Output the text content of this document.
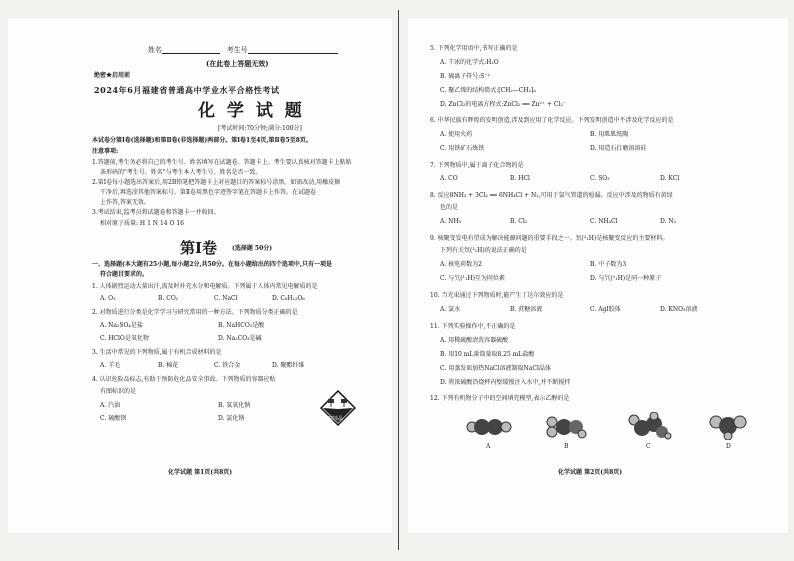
姓名	考生号
(在此卷上答题无效)
绝密★启用前
2024年6月福建省普通高中学业水平合格性考试
化 学 试 题
[考试时间:70分钟;满分:100分]
本试卷分第Ⅰ卷(选择题)和第Ⅱ卷(非选择题)两部分。第Ⅰ卷1至4页,第Ⅱ卷5至8页。
注意事项:
1.答题前,考生务必将自己的考生号、姓名填写在试题卷、答题卡上。考生要认真核对答题卡上粘贴
条形码的"考生号、姓名"与考生本人考生号、姓名是否一致。
2.第Ⅰ卷每小题选出答案后,用2B铅笔把答题卡上对应题目的答案标号涂黑。如需改动,用橡皮擦
干净后,再选涂其他答案标号。第Ⅱ卷用黑色字迹签字笔在答题卡上作答。在试题卷
上作答,答案无效。
3.考试结束,监考员将试题卷和答题卡一并收回。
相对原子质量: H 1 N 14 O 16
第Ⅰ卷 (选择题 50分)
一、选择题(本大题有25小题,每小题2分,共50分。在每小题给出的四个选项中,只有一项是
符合题目要求的。
1. 人体剧烈运动大量出汗,需及时补充水分和电解质。下列属于人体内常见电解质的是
A. O₂	B. CO₂	C. NaCl	D. C₆H₁₂O₆
2. 对物质进行分类是化学学习与研究常用的一种方法。下列物质分类正确的是
A. Na₂SO₄是盐	B. NaHCO₃是酸
C. HClO是氧化物	D. Na₂CO₃是碱
3. 生活中常见的下列物质,属于有机合成材料的是
A. 羊毛	B. 棉花	C. 铁合金	D. 聚酯纤维
4. 认识危险品标志,有助于预防危化品安全事故。下列物质的容器应贴
有图标识的是
A. 汽油	B. 氢氧化钠
C. 硫酸钡	D. 氯化钠	腐蚀品
化学试题 第1页(共8页)
5. 下列化学用语中,书写正确的是
A. 干冰的化学式:H₂O
B. 硫离子符号:S⁻²
C. 聚乙烯的结构简式:[CH₂—CH₂]ₙ
D. ZnCl₂的电离方程式:ZnCl₂ ══ Zn²⁺ + Cl₂⁻
6. 中华民族有辉煌的发明创造,涉及到应用了化学反应。下列发明创造中不涉及化学反应的是
A. 使用火药	B. 用肌肌纸陶
C. 用铁矿石炼铁	D. 用造石打磨溶溶硅
7. 下列物质中,属于离子化合物的是
A. CO	B. HCl	C. SO₃	D. KCl
8. 反应8NH₃ + 3Cl₂ ══ 6NH₄Cl + N₂,可用于氯气管道的检漏。反应中涉及的物质有黄绿
色的是
A. NH₃	B. Cl₂	C. NH₄Cl	D. N₂
9. 核聚变发电有望成为解决能源问题的重要手段之一。氘(²₁H)是核聚变反应的主要材料。
下列有关氘(²₁H)的说法正确的是
A. 核电荷数为2	B. 中子数为3
C. 与氕(¹₁H)互为同位素	D. 与氕(¹₁H)是同一种原子
10. 当光束通过下列物质时,能产生丁达尔效应的是
A. 氯水	B. 蔗糖溶液	C. AgI胶体	D. KNO₃溶液
11. 下列实验操作中,不正确的是
A. 用稀硫酸清洗容器硫酸
B. 用10 mL量筒量取8.25 mL盐酸
C. 用蒸发皿加热NaCl溶液制取NaCl晶体
D. 将浓硫酸沿烧杯内壁缓慢注入水中,并不断搅拌
12. 下列有机物分子中的空间填充模型,表示乙醇的是
A	B	C	D
化学试题 第2页(共8页)
